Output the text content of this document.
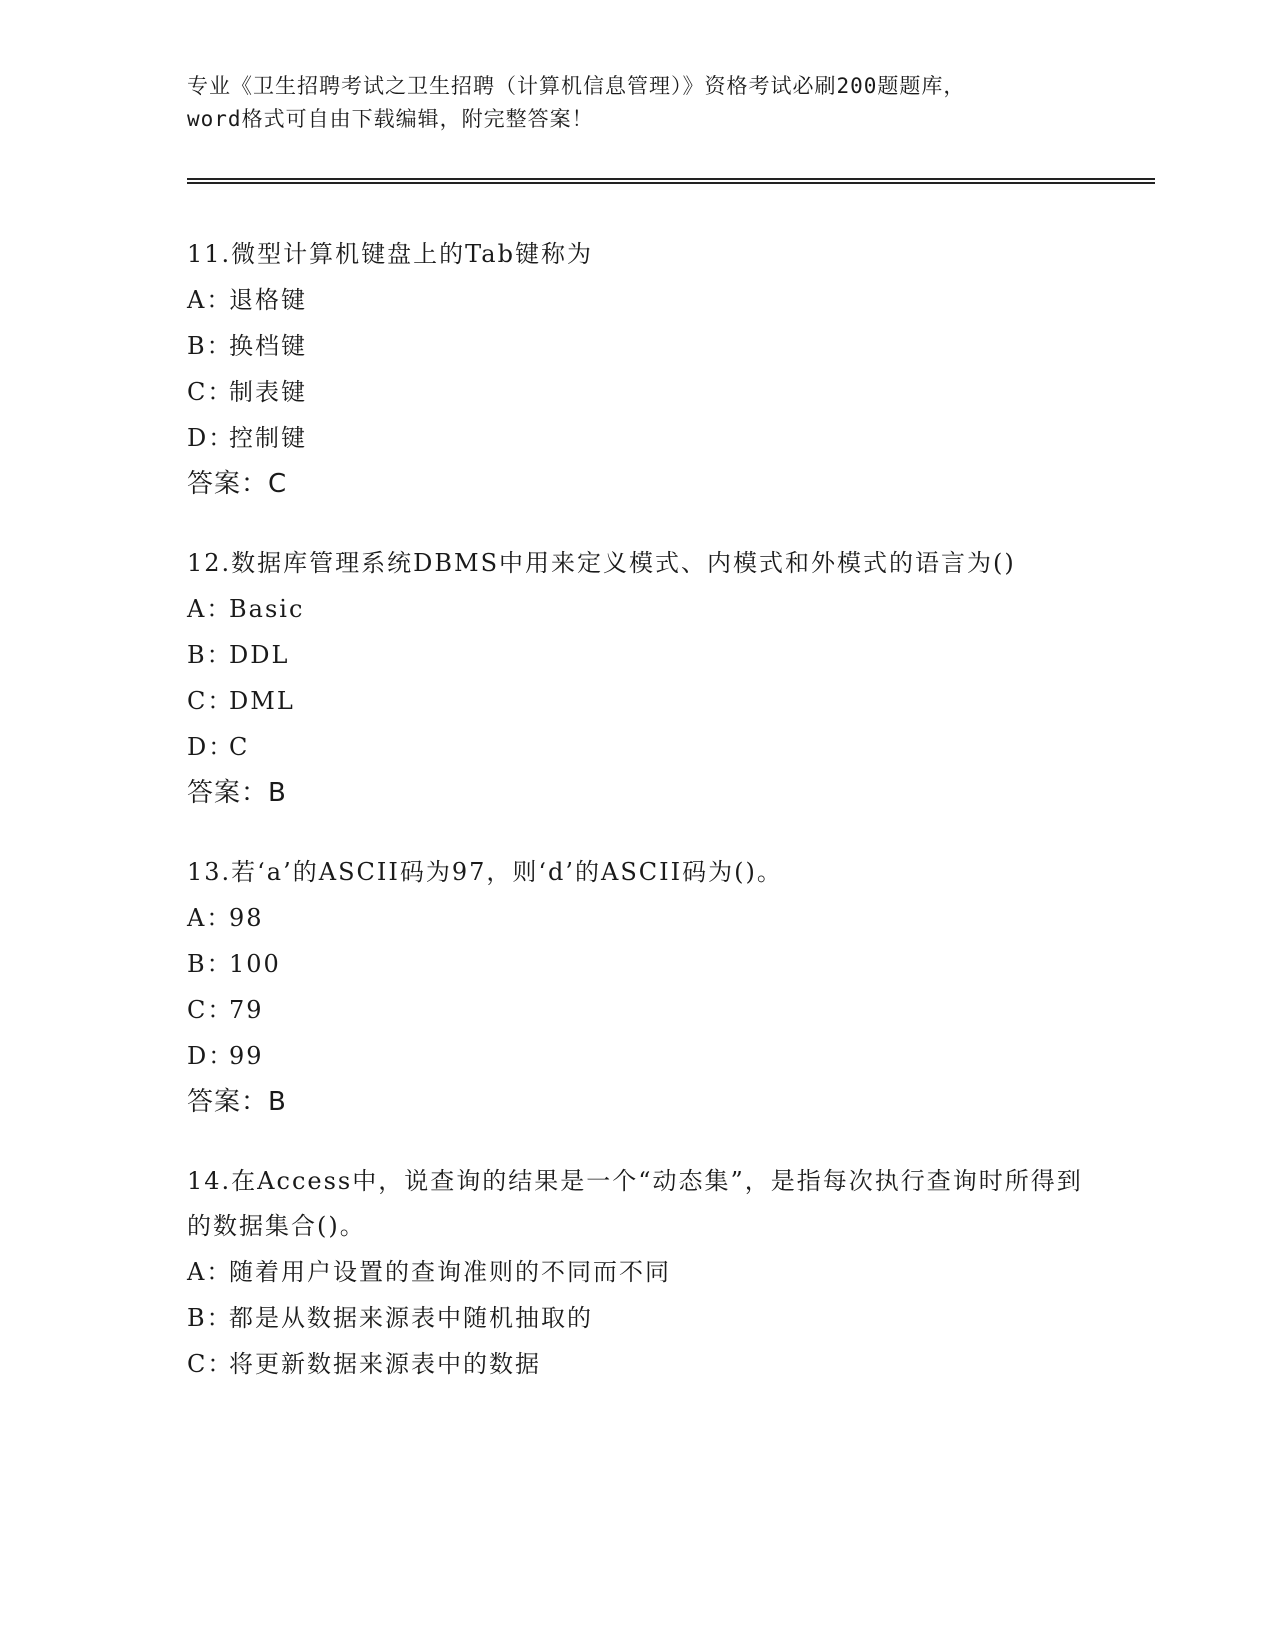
专业《卫生招聘考试之卫生招聘（计算机信息管理）》资格考试必刷200题题库，
word格式可自由下载编辑，附完整答案！

11.微型计算机键盘上的Tab键称为

A：退格键

B：换档键

C：制表键

D：控制键

答案：C

12.数据库管理系统DBMS中用来定义模式、内模式和外模式的语言为()

A：Basic

B：DDL

C：DML

D：C

答案：B

13.若‘a’的ASCII码为97，则‘d’的ASCII码为()。

A：98

B：100

C：79

D：99

答案：B

14.在Access中，说查询的结果是一个“动态集”，是指每次执行查询时所得到的数据集合()。

A：随着用户设置的查询准则的不同而不同

B：都是从数据来源表中随机抽取的

C：将更新数据来源表中的数据
